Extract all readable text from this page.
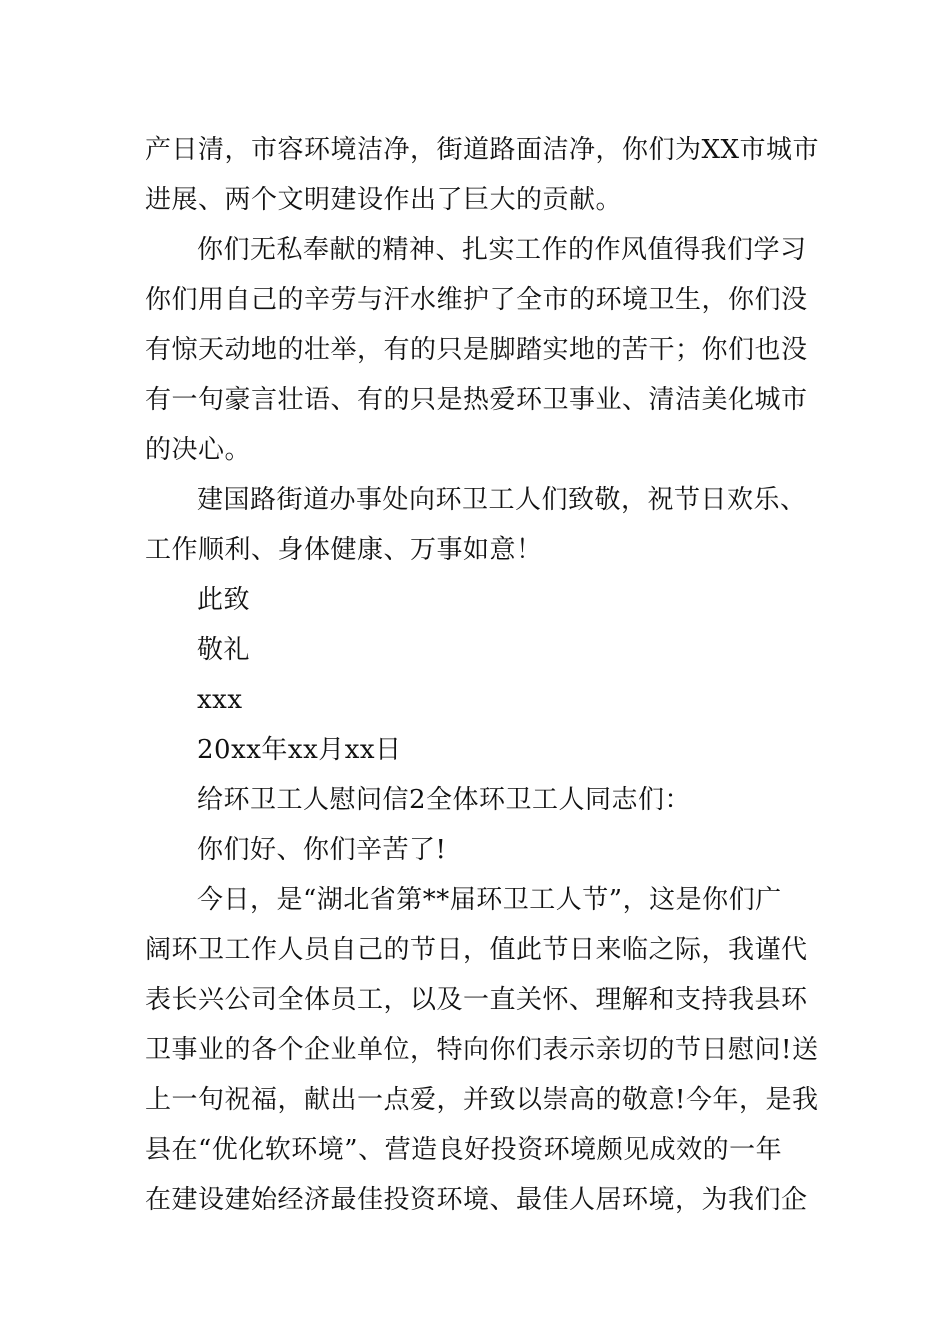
产日清，市容环境洁净，街道路面洁净，你们为XX市城市
进展、两个文明建设作出了巨大的贡献。
你们无私奉献的精神、扎实工作的作风值得我们学习
你们用自己的辛劳与汗水维护了全市的环境卫生，你们没
有惊天动地的壮举，有的只是脚踏实地的苦干；你们也没
有一句豪言壮语、有的只是热爱环卫事业、清洁美化城市
的决心。
建国路街道办事处向环卫工人们致敬，祝节日欢乐、
工作顺利、身体健康、万事如意！
此致
敬礼
xxx
20xx年xx月xx日
给环卫工人慰问信2全体环卫工人同志们：
你们好、你们辛苦了!
今日，是“湖北省第**届环卫工人节”，这是你们广
阔环卫工作人员自己的节日，值此节日来临之际，我谨代
表长兴公司全体员工，以及一直关怀、理解和支持我县环
卫事业的各个企业单位，特向你们表示亲切的节日慰问!送
上一句祝福，献出一点爱，并致以崇高的敬意!今年，是我
县在“优化软环境”、营造良好投资环境颇见成效的一年
在建设建始经济最佳投资环境、最佳人居环境，为我们企
